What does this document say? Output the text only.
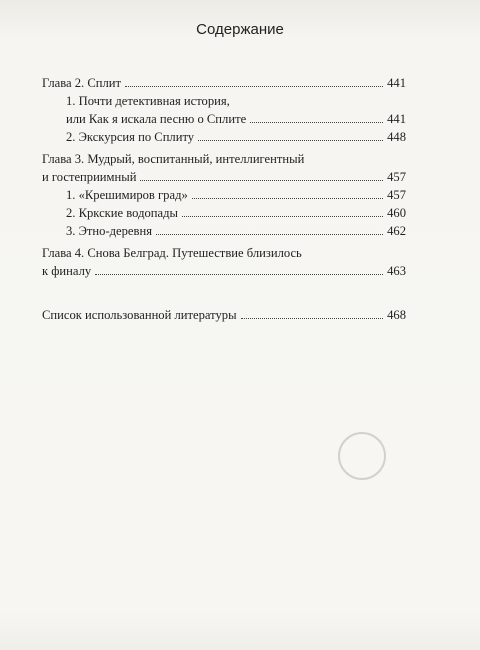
Содержание
Глава 2. Сплит	441
1. Почти детективная история,
или Как я искала песню о Сплите	441
2. Экскурсия по Сплиту	448
Глава 3. Мудрый, воспитанный, интеллигентный
и гостеприимный	457
1. «Крешимиров град»	457
2. Кркские водопады	460
3. Этно-деревня	462
Глава 4. Снова Белград. Путешествие близилось
к финалу	463
Список использованной литературы	468
